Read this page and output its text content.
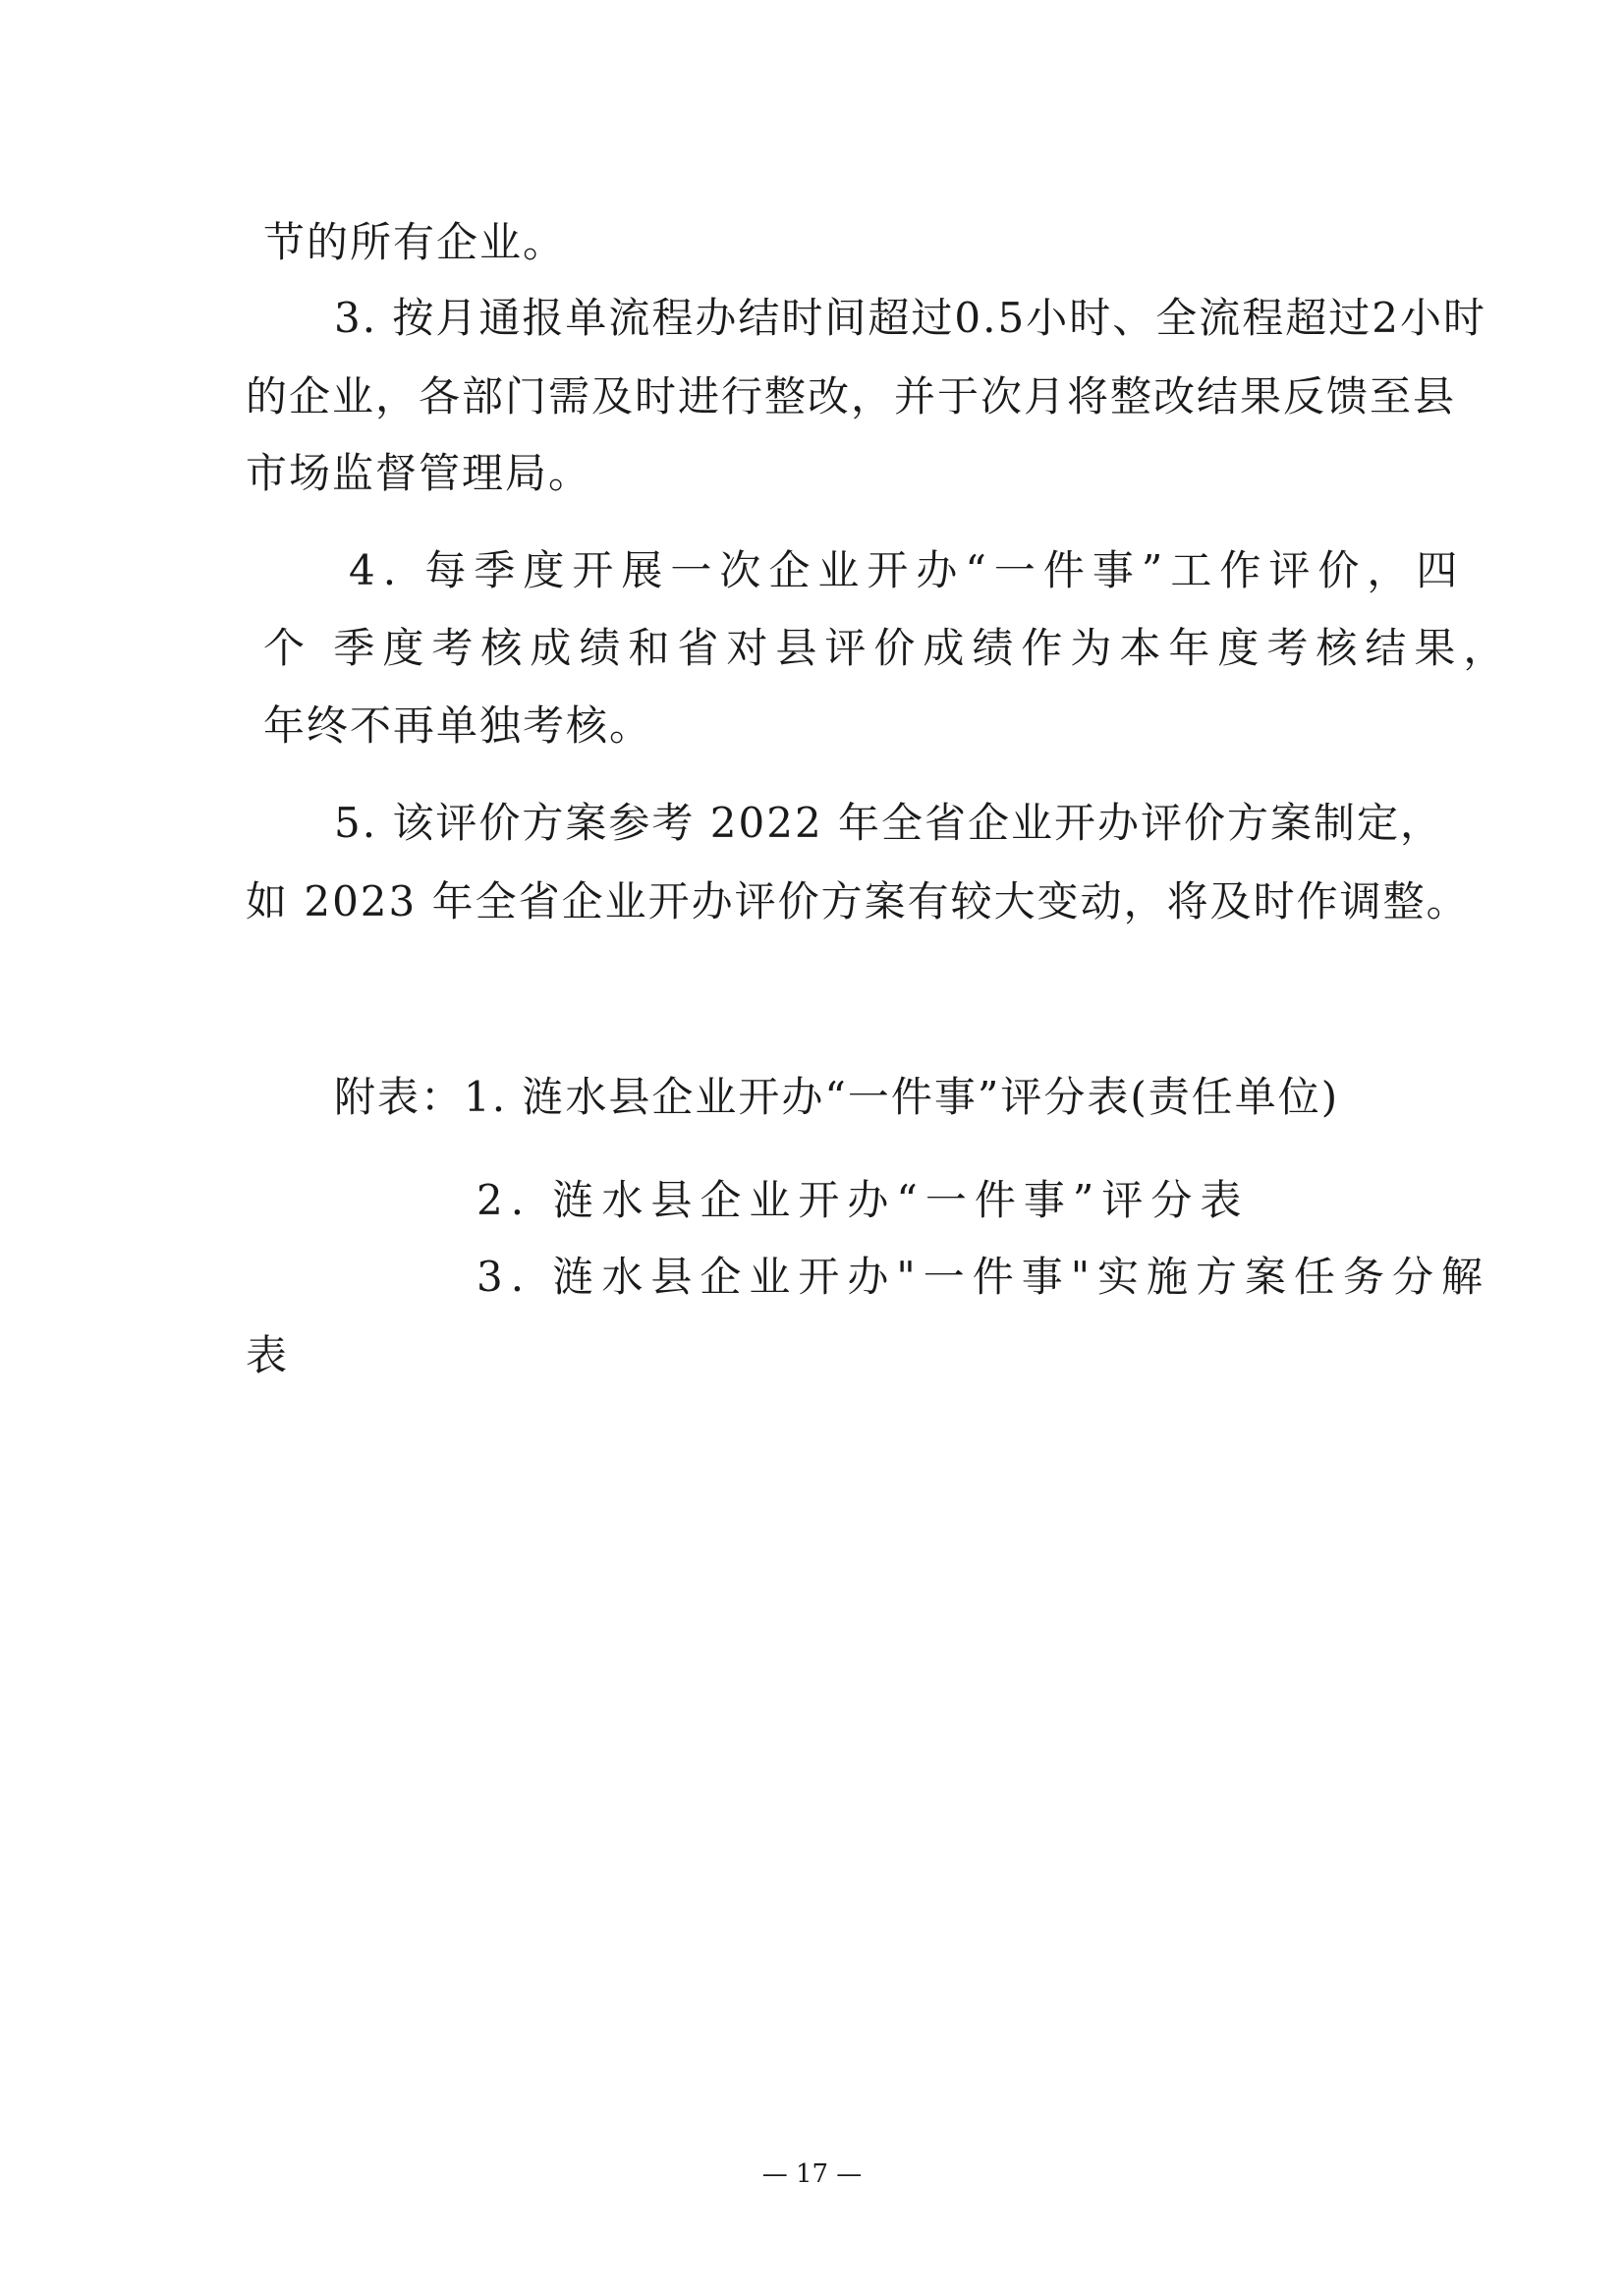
节的所有企业。
3. 按月通报单流程办结时间超过0.5小时、全流程超过2小时
的企业，各部门需及时进行整改，并于次月将整改结果反馈至县
市场监督管理局。
4. 每季度开展一次企业开办“一件事”工作评价，四
个 季度考核成绩和省对县评价成绩作为本年度考核结果，
年终不再单独考核。
5. 该评价方案参考 2022 年全省企业开办评价方案制定，
如 2023 年全省企业开办评价方案有较大变动，将及时作调整。
附表：1. 涟水县企业开办“一件事”评分表(责任单位)
2. 涟水县企业开办“一件事”评分表
3. 涟水县企业开办"一件事"实施方案任务分解
表
— 17 —
